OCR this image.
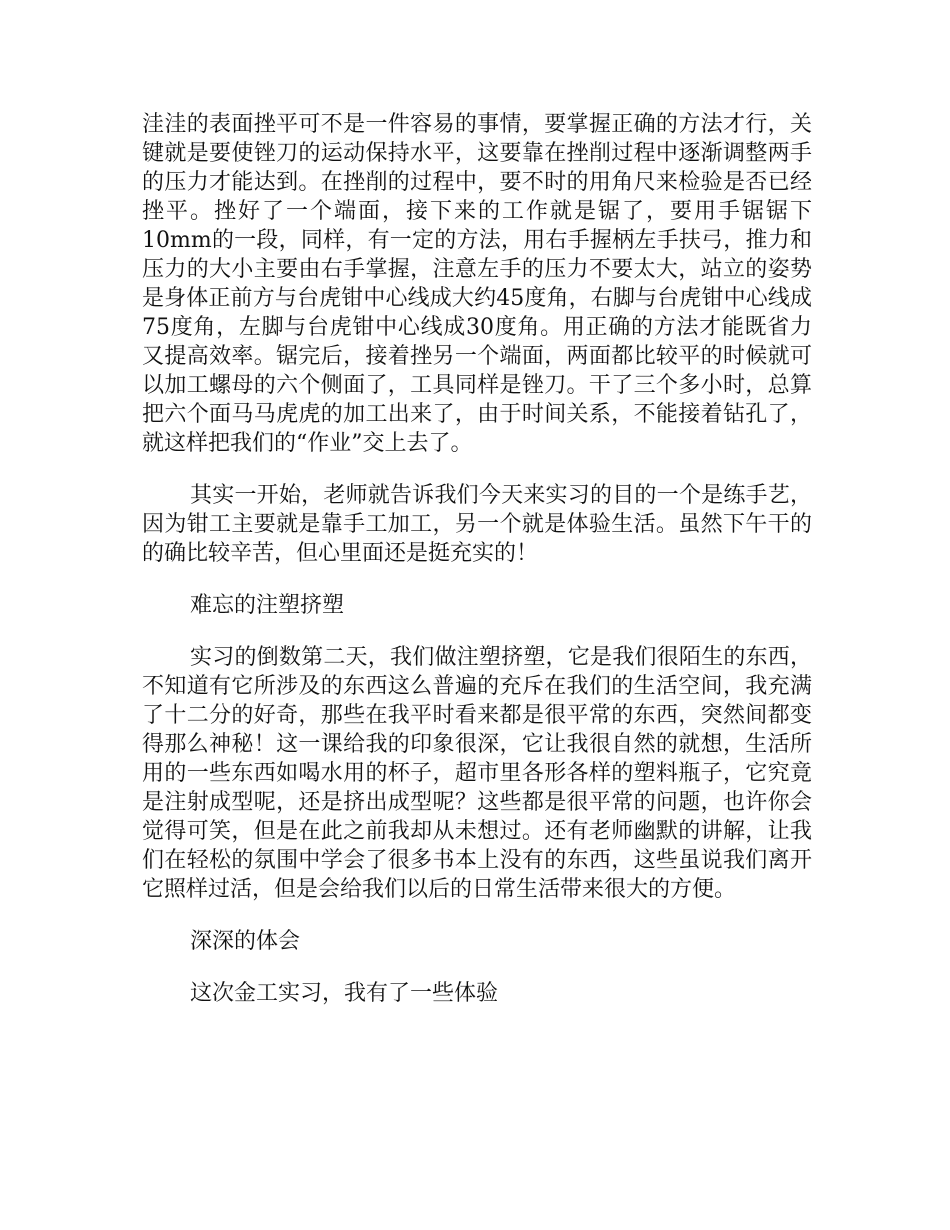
洼洼的表面挫平可不是一件容易的事情，要掌握正确的方法才行，关键就是要使锉刀的运动保持水平，这要靠在挫削过程中逐渐调整两手的压力才能达到。在挫削的过程中，要不时的用角尺来检验是否已经挫平。挫好了一个端面，接下来的工作就是锯了，要用手锯锯下10mm的一段，同样，有一定的方法，用右手握柄左手扶弓，推力和压力的大小主要由右手掌握，注意左手的压力不要太大，站立的姿势是身体正前方与台虎钳中心线成大约45度角，右脚与台虎钳中心线成75度角，左脚与台虎钳中心线成30度角。用正确的方法才能既省力又提高效率。锯完后，接着挫另一个端面，两面都比较平的时候就可以加工螺母的六个侧面了，工具同样是锉刀。干了三个多小时，总算把六个面马马虎虎的加工出来了，由于时间关系，不能接着钻孔了，就这样把我们的“作业”交上去了。

其实一开始，老师就告诉我们今天来实习的目的一个是练手艺，因为钳工主要就是靠手工加工，另一个就是体验生活。虽然下午干的的确比较辛苦，但心里面还是挺充实的！

难忘的注塑挤塑

实习的倒数第二天，我们做注塑挤塑，它是我们很陌生的东西，不知道有它所涉及的东西这么普遍的充斥在我们的生活空间，我充满了十二分的好奇，那些在我平时看来都是很平常的东西，突然间都变得那么神秘！这一课给我的印象很深，它让我很自然的就想，生活所用的一些东西如喝水用的杯子，超市里各形各样的塑料瓶子，它究竟是注射成型呢，还是挤出成型呢？这些都是很平常的问题，也许你会觉得可笑，但是在此之前我却从未想过。还有老师幽默的讲解，让我们在轻松的氛围中学会了很多书本上没有的东西，这些虽说我们离开它照样过活，但是会给我们以后的日常生活带来很大的方便。

深深的体会

这次金工实习，我有了一些体验
